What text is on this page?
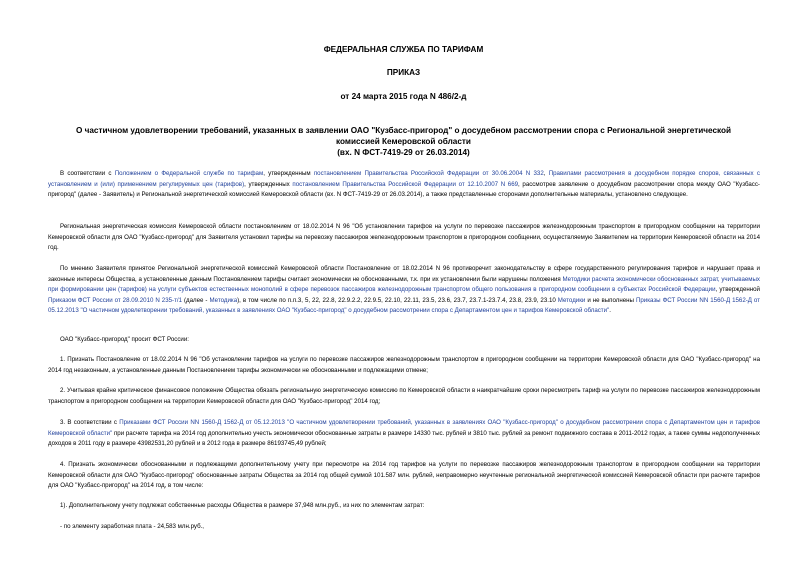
ФЕДЕРАЛЬНАЯ СЛУЖБА ПО ТАРИФАМ
ПРИКАЗ
от 24 марта 2015 года N 486/2-д
О частичном удовлетворении требований, указанных в заявлении ОАО "Кузбасс-пригород" о досудебном рассмотрении спора с Региональной энергетической
комиссией Кемеровской области
(вх. N ФСТ-7419-29 от 26.03.2014)
В соответствии с Положением о Федеральной службе по тарифам, утвержденным постановлением Правительства Российской Федерации от 30.06.2004 N 332, Правилами рассмотрения в досудебном порядке споров, связанных с установлением и (или) применением регулируемых цен (тарифов), утвержденных постановлением Правительства Российской Федерации от 12.10.2007 N 669, рассмотрев заявление о досудебном рассмотрении спора между ОАО "Кузбасс-пригород" (далее - Заявитель) и Региональной энергетической комиссией Кемеровской области (вх. N ФСТ-7419-29 от 26.03.2014), а также представленные сторонами дополнительные материалы, установлено следующее.
Региональная энергетическая комиссия Кемеровской области постановлением от 18.02.2014 N 96 "Об установлении тарифов на услуги по перевозке пассажиров железнодорожным транспортом в пригородном сообщении на территории Кемеровской области для ОАО "Кузбасс-пригород" для Заявителя установил тарифы на перевозку пассажиров железнодорожным транспортом в пригородном сообщении, осуществляемую Заявителем на территории Кемеровской области на 2014 год.
По мнению Заявителя принятое Региональной энергетической комиссией Кемеровской области Постановление от 18.02.2014 N 96 противоречит законодательству в сфере государственного регулирования тарифов и нарушает права и законные интересы Общества, а установленные данным Постановлением тарифы считает экономически не обоснованными, т.к. при их установлении были нарушены положения Методики расчета экономически обоснованных затрат, учитываемых при формировании цен (тарифов) на услуги субъектов естественных монополий в сфере перевозок пассажиров железнодорожным транспортом общего пользования в пригородном сообщении в субъектах Российской Федерации, утвержденной Приказом ФСТ России от 28.09.2010 N 235-т/1 (далее - Методика), в том числе по п.п.3, 5, 22, 22.8, 22.9.2.2, 22.9.5, 22.10, 22.11, 23.5, 23.6, 23.7, 23.7.1-23.7.4, 23.8, 23.9, 23.10 Методики и не выполнены Приказы ФСТ России NN 1560-Д 1562-Д от 05.12.2013 "О частичном удовлетворении требований, указанных в заявлениях ОАО "Кузбасс-пригород" о досудебном рассмотрении спора с Департаментом цен и тарифов Кемеровской области".
ОАО "Кузбасс-пригород" просит ФСТ России:
1. Признать Постановление от 18.02.2014 N 96 "Об установлении тарифов на услуги по перевозке пассажиров железнодорожным транспортом в пригородном сообщении на территории Кемеровской области для ОАО "Кузбасс-пригород" на 2014 год незаконным, а установленные данным Постановлением тарифы экономически не обоснованными и подлежащими отмене;
2. Учитывая крайне критическое финансовое положение Общества обязать региональную энергетическую комиссию по Кемеровской области в наикратчайшие сроки пересмотреть тариф на услуги по перевозке пассажиров железнодорожным транспортом в пригородном сообщении на территории Кемеровской области для ОАО "Кузбасс-пригород" 2014 год;
3. В соответствии с Приказами ФСТ России NN 1560-Д 1562-Д от 05.12.2013 "О частичном удовлетворении требований, указанных в заявлениях ОАО "Кузбасс-пригород" о досудебном рассмотрении спора с Департаментом цен и тарифов Кемеровской области" при расчете тарифа на 2014 год дополнительно учесть экономически обоснованные затраты в размере 14330 тыс. рублей и 3810 тыс. рублей за ремонт подвижного состава в 2011-2012 годах, а также суммы недополученных доходов в 2011 году в размере 43982531,20 рублей и в 2012 года в размере 86193745,49 рублей;
4. Признать экономически обоснованными и подлежащими дополнительному учету при пересмотре на 2014 год тарифов на услуги по перевозке пассажиров железнодорожным транспортом в пригородном сообщении на территории Кемеровской области для ОАО "Кузбасс-пригород" обоснованные затраты Общества за 2014 год общей суммой 101.587 млн. рублей, неправомерно неучтенные региональной энергетической комиссией Кемеровской области при расчете тарифов для ОАО "Кузбасс-пригород" на 2014 год, в том числе:
1). Дополнительному учету подлежат собственные расходы Общества в размере 37,948 млн.руб., из них по элементам затрат:
- по элементу заработная плата - 24,583 млн.руб.,
